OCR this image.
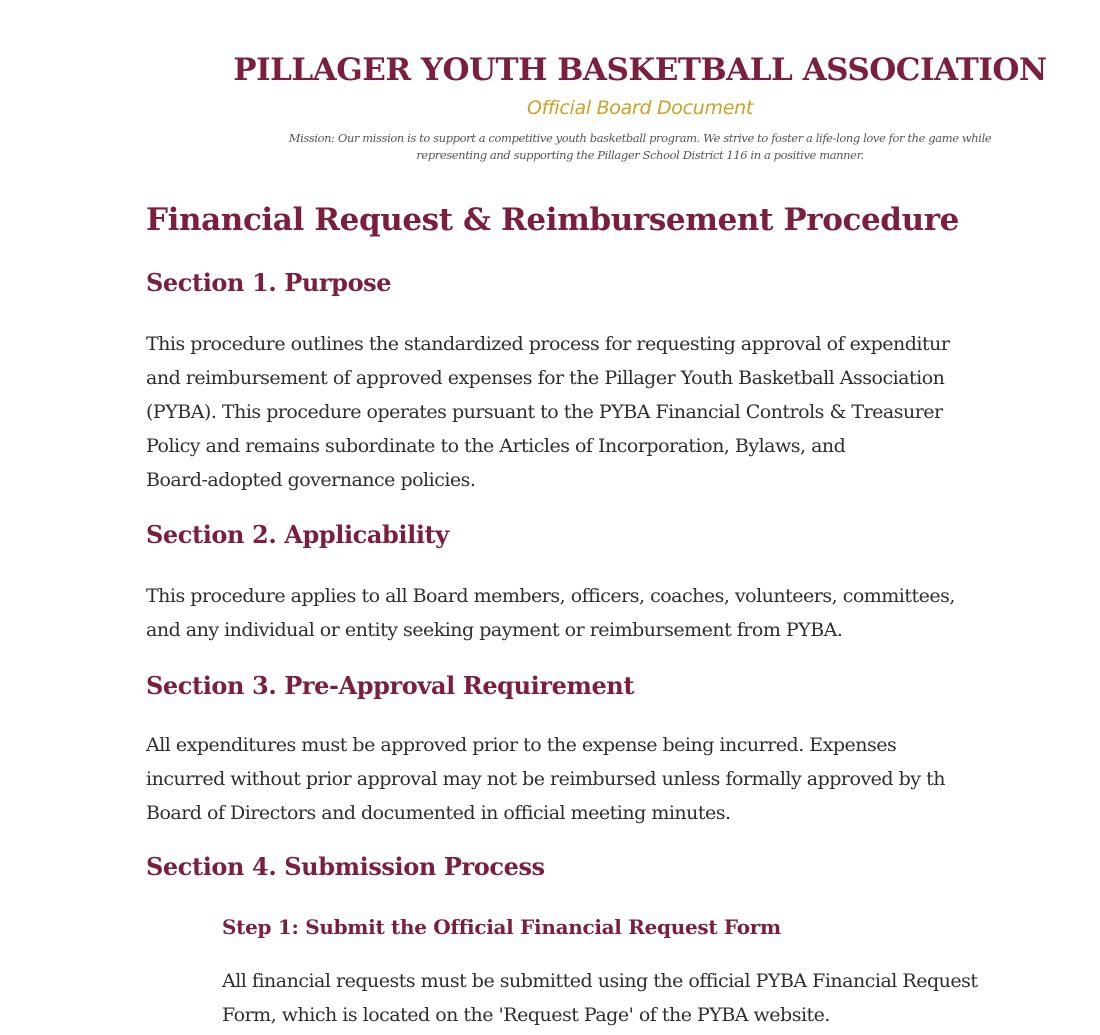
PILLAGER YOUTH BASKETBALL ASSOCIATION
Official Board Document
Mission: Our mission is to support a competitive youth basketball program. We strive to foster a life-long love for the game while
representing and supporting the Pillager School District 116 in a positive manner.
Financial Request & Reimbursement Procedure
Section 1. Purpose
This procedure outlines the standardized process for requesting approval of expenditur
and reimbursement of approved expenses for the Pillager Youth Basketball Association
(PYBA). This procedure operates pursuant to the PYBA Financial Controls & Treasurer
Policy and remains subordinate to the Articles of Incorporation, Bylaws, and
Board-adopted governance policies.
Section 2. Applicability
This procedure applies to all Board members, officers, coaches, volunteers, committees,
and any individual or entity seeking payment or reimbursement from PYBA.
Section 3. Pre-Approval Requirement
All expenditures must be approved prior to the expense being incurred. Expenses
incurred without prior approval may not be reimbursed unless formally approved by th
Board of Directors and documented in official meeting minutes.
Section 4. Submission Process
Step 1: Submit the Official Financial Request Form
All financial requests must be submitted using the official PYBA Financial Request
Form, which is located on the 'Request Page' of the PYBA website.
